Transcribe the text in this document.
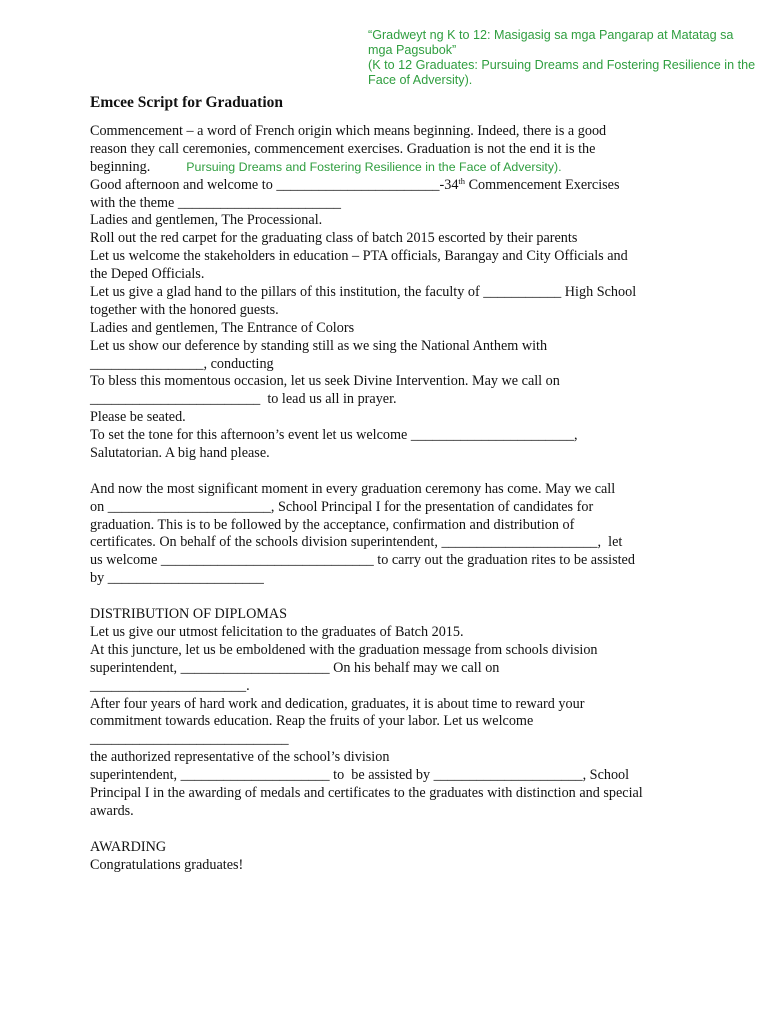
“Gradweyt ng K to 12: Masigasig sa mga Pangarap at Matatag sa mga Pagsubok”
(K to 12 Graduates: Pursuing Dreams and Fostering Resilience in the Face of Adversity).
Emcee Script for Graduation
Commencement – a word of French origin which means beginning. Indeed, there is a good
reason they call ceremonies, commencement exercises. Graduation is not the end it is the
beginning.	Pursuing Dreams and Fostering Resilience in the Face of Adversity).
Good afternoon and welcome to _______________________-34th Commencement Exercises
with the theme _______________________
Ladies and gentlemen, The Processional.
Roll out the red carpet for the graduating class of batch 2015 escorted by their parents
Let us welcome the stakeholders in education – PTA officials, Barangay and City Officials and
the Deped Officials.
Let us give a glad hand to the pillars of this institution, the faculty of ___________ High School
together with the honored guests.
Ladies and gentlemen, The Entrance of Colors
Let us show our deference by standing still as we sing the National Anthem with
________________, conducting
To bless this momentous occasion, let us seek Divine Intervention. May we call on
________________________  to lead us all in prayer.
Please be seated.
To set the tone for this afternoon’s event let us welcome _______________________,
Salutatorian. A big hand please.
And now the most significant moment in every graduation ceremony has come. May we call
on _______________________, School Principal I for the presentation of candidates for
graduation. This is to be followed by the acceptance, confirmation and distribution of
certificates. On behalf of the schools division superintendent, ______________________,  let
us welcome ______________________________ to carry out the graduation rites to be assisted
by ______________________
DISTRIBUTION OF DIPLOMAS
Let us give our utmost felicitation to the graduates of Batch 2015.
At this juncture, let us be emboldened with the graduation message from schools division
superintendent, _____________________ On his behalf may we call on
______________________.
After four years of hard work and dedication, graduates, it is about time to reward your
commitment towards education. Reap the fruits of your labor. Let us welcome
____________________________
the authorized representative of the school’s division
superintendent, _____________________ to  be assisted by _____________________, School
Principal I in the awarding of medals and certificates to the graduates with distinction and special
awards.
AWARDING
Congratulations graduates!
